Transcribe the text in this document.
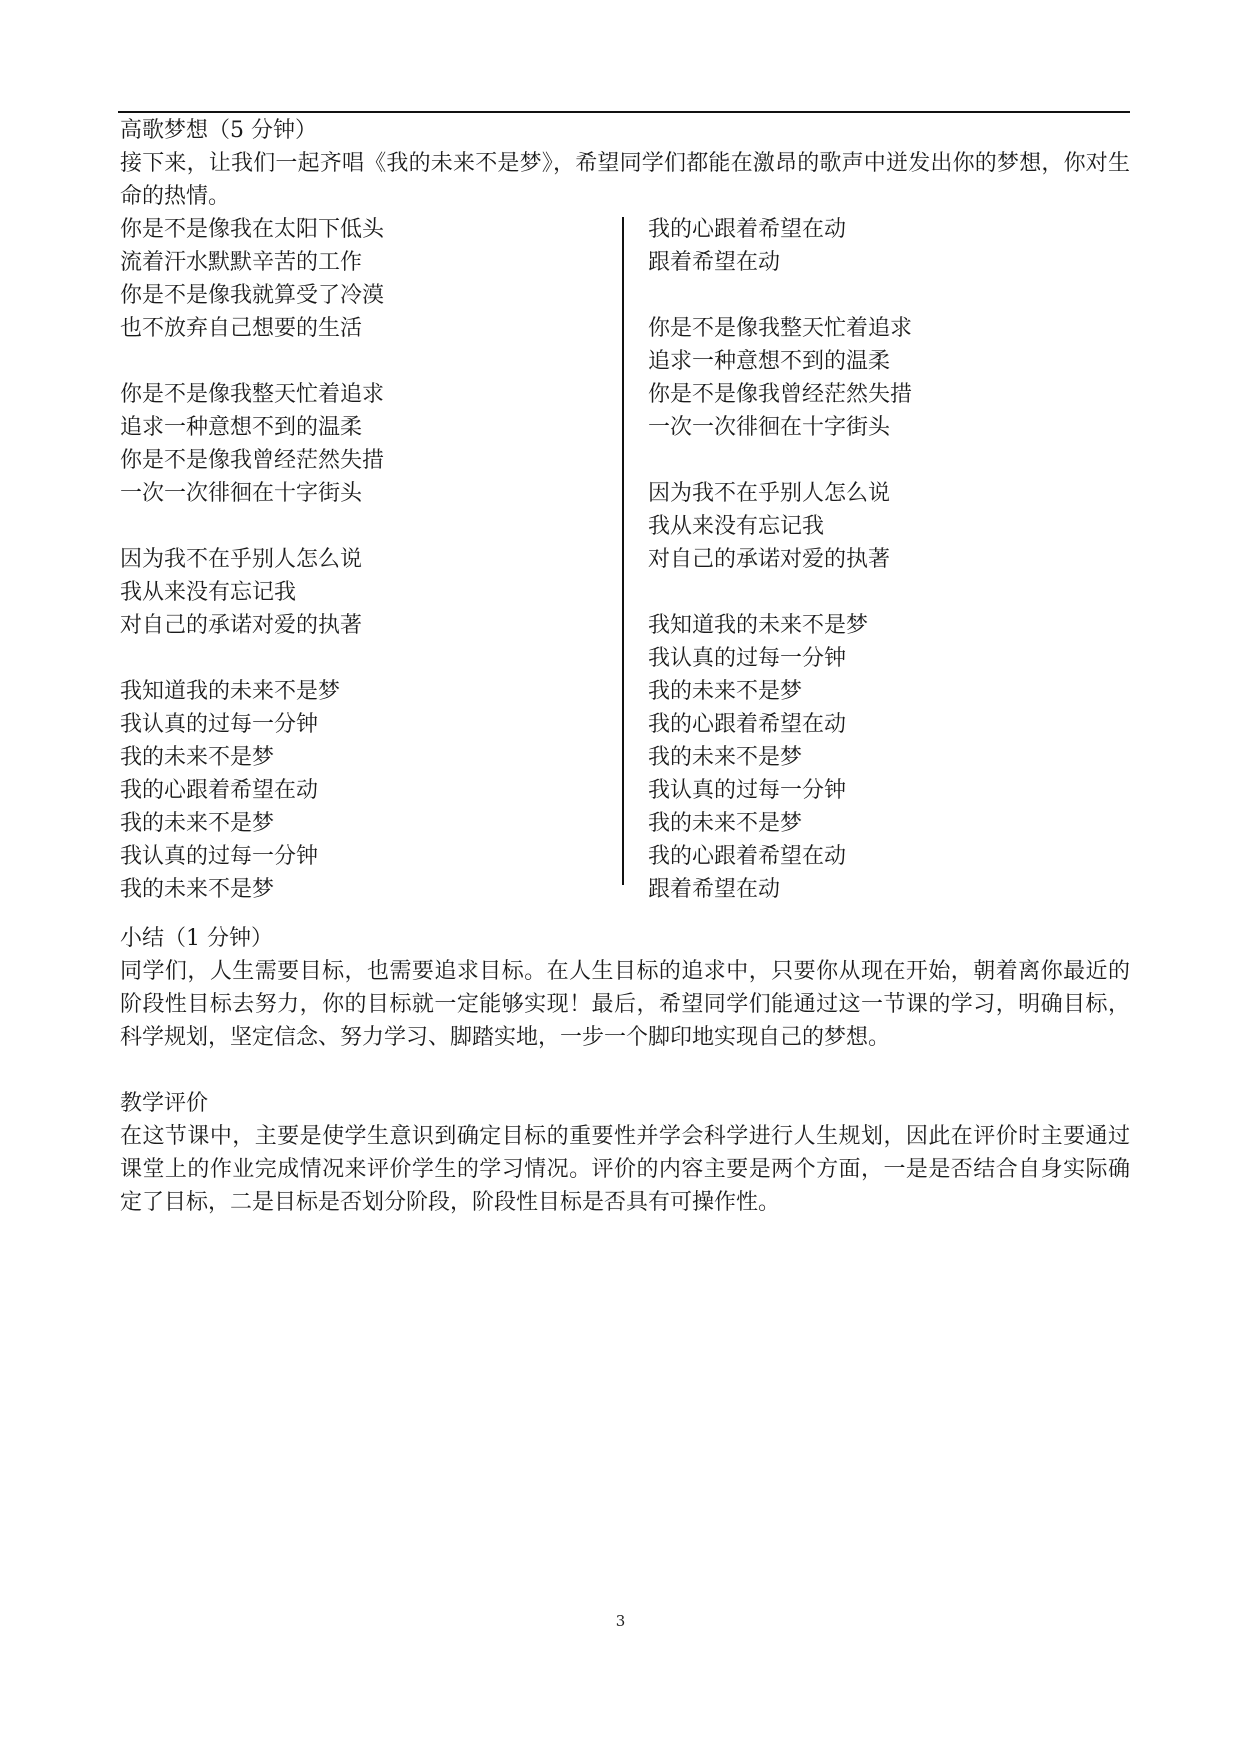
高歌梦想（5 分钟）

接下来，让我们一起齐唱《我的未来不是梦》，希望同学们都能在激昂的歌声中迸发出你的梦想，你对生命的热情。

你是不是像我在太阳下低头
流着汗水默默辛苦的工作
你是不是像我就算受了冷漠
也不放弃自己想要的生活
你是不是像我整天忙着追求
追求一种意想不到的温柔
你是不是像我曾经茫然失措
一次一次徘徊在十字街头
因为我不在乎别人怎么说
我从来没有忘记我
对自己的承诺对爱的执著
我知道我的未来不是梦
我认真的过每一分钟
我的未来不是梦
我的心跟着希望在动
我的未来不是梦
我认真的过每一分钟
我的未来不是梦
我的心跟着希望在动
跟着希望在动
你是不是像我整天忙着追求
追求一种意想不到的温柔
你是不是像我曾经茫然失措
一次一次徘徊在十字街头
因为我不在乎别人怎么说
我从来没有忘记我
对自己的承诺对爱的执著
我知道我的未来不是梦
我认真的过每一分钟
我的未来不是梦
我的心跟着希望在动
我的未来不是梦
我认真的过每一分钟
我的未来不是梦
我的心跟着希望在动
跟着希望在动

小结（1 分钟）

同学们，人生需要目标，也需要追求目标。在人生目标的追求中，只要你从现在开始，朝着离你最近的阶段性目标去努力，你的目标就一定能够实现！最后，希望同学们能通过这一节课的学习，明确目标，科学规划，坚定信念、努力学习、脚踏实地，一步一个脚印地实现自己的梦想。

教学评价

在这节课中，主要是使学生意识到确定目标的重要性并学会科学进行人生规划，因此在评价时主要通过课堂上的作业完成情况来评价学生的学习情况。评价的内容主要是两个方面，一是是否结合自身实际确定了目标，二是目标是否划分阶段，阶段性目标是否具有可操作性。

3
